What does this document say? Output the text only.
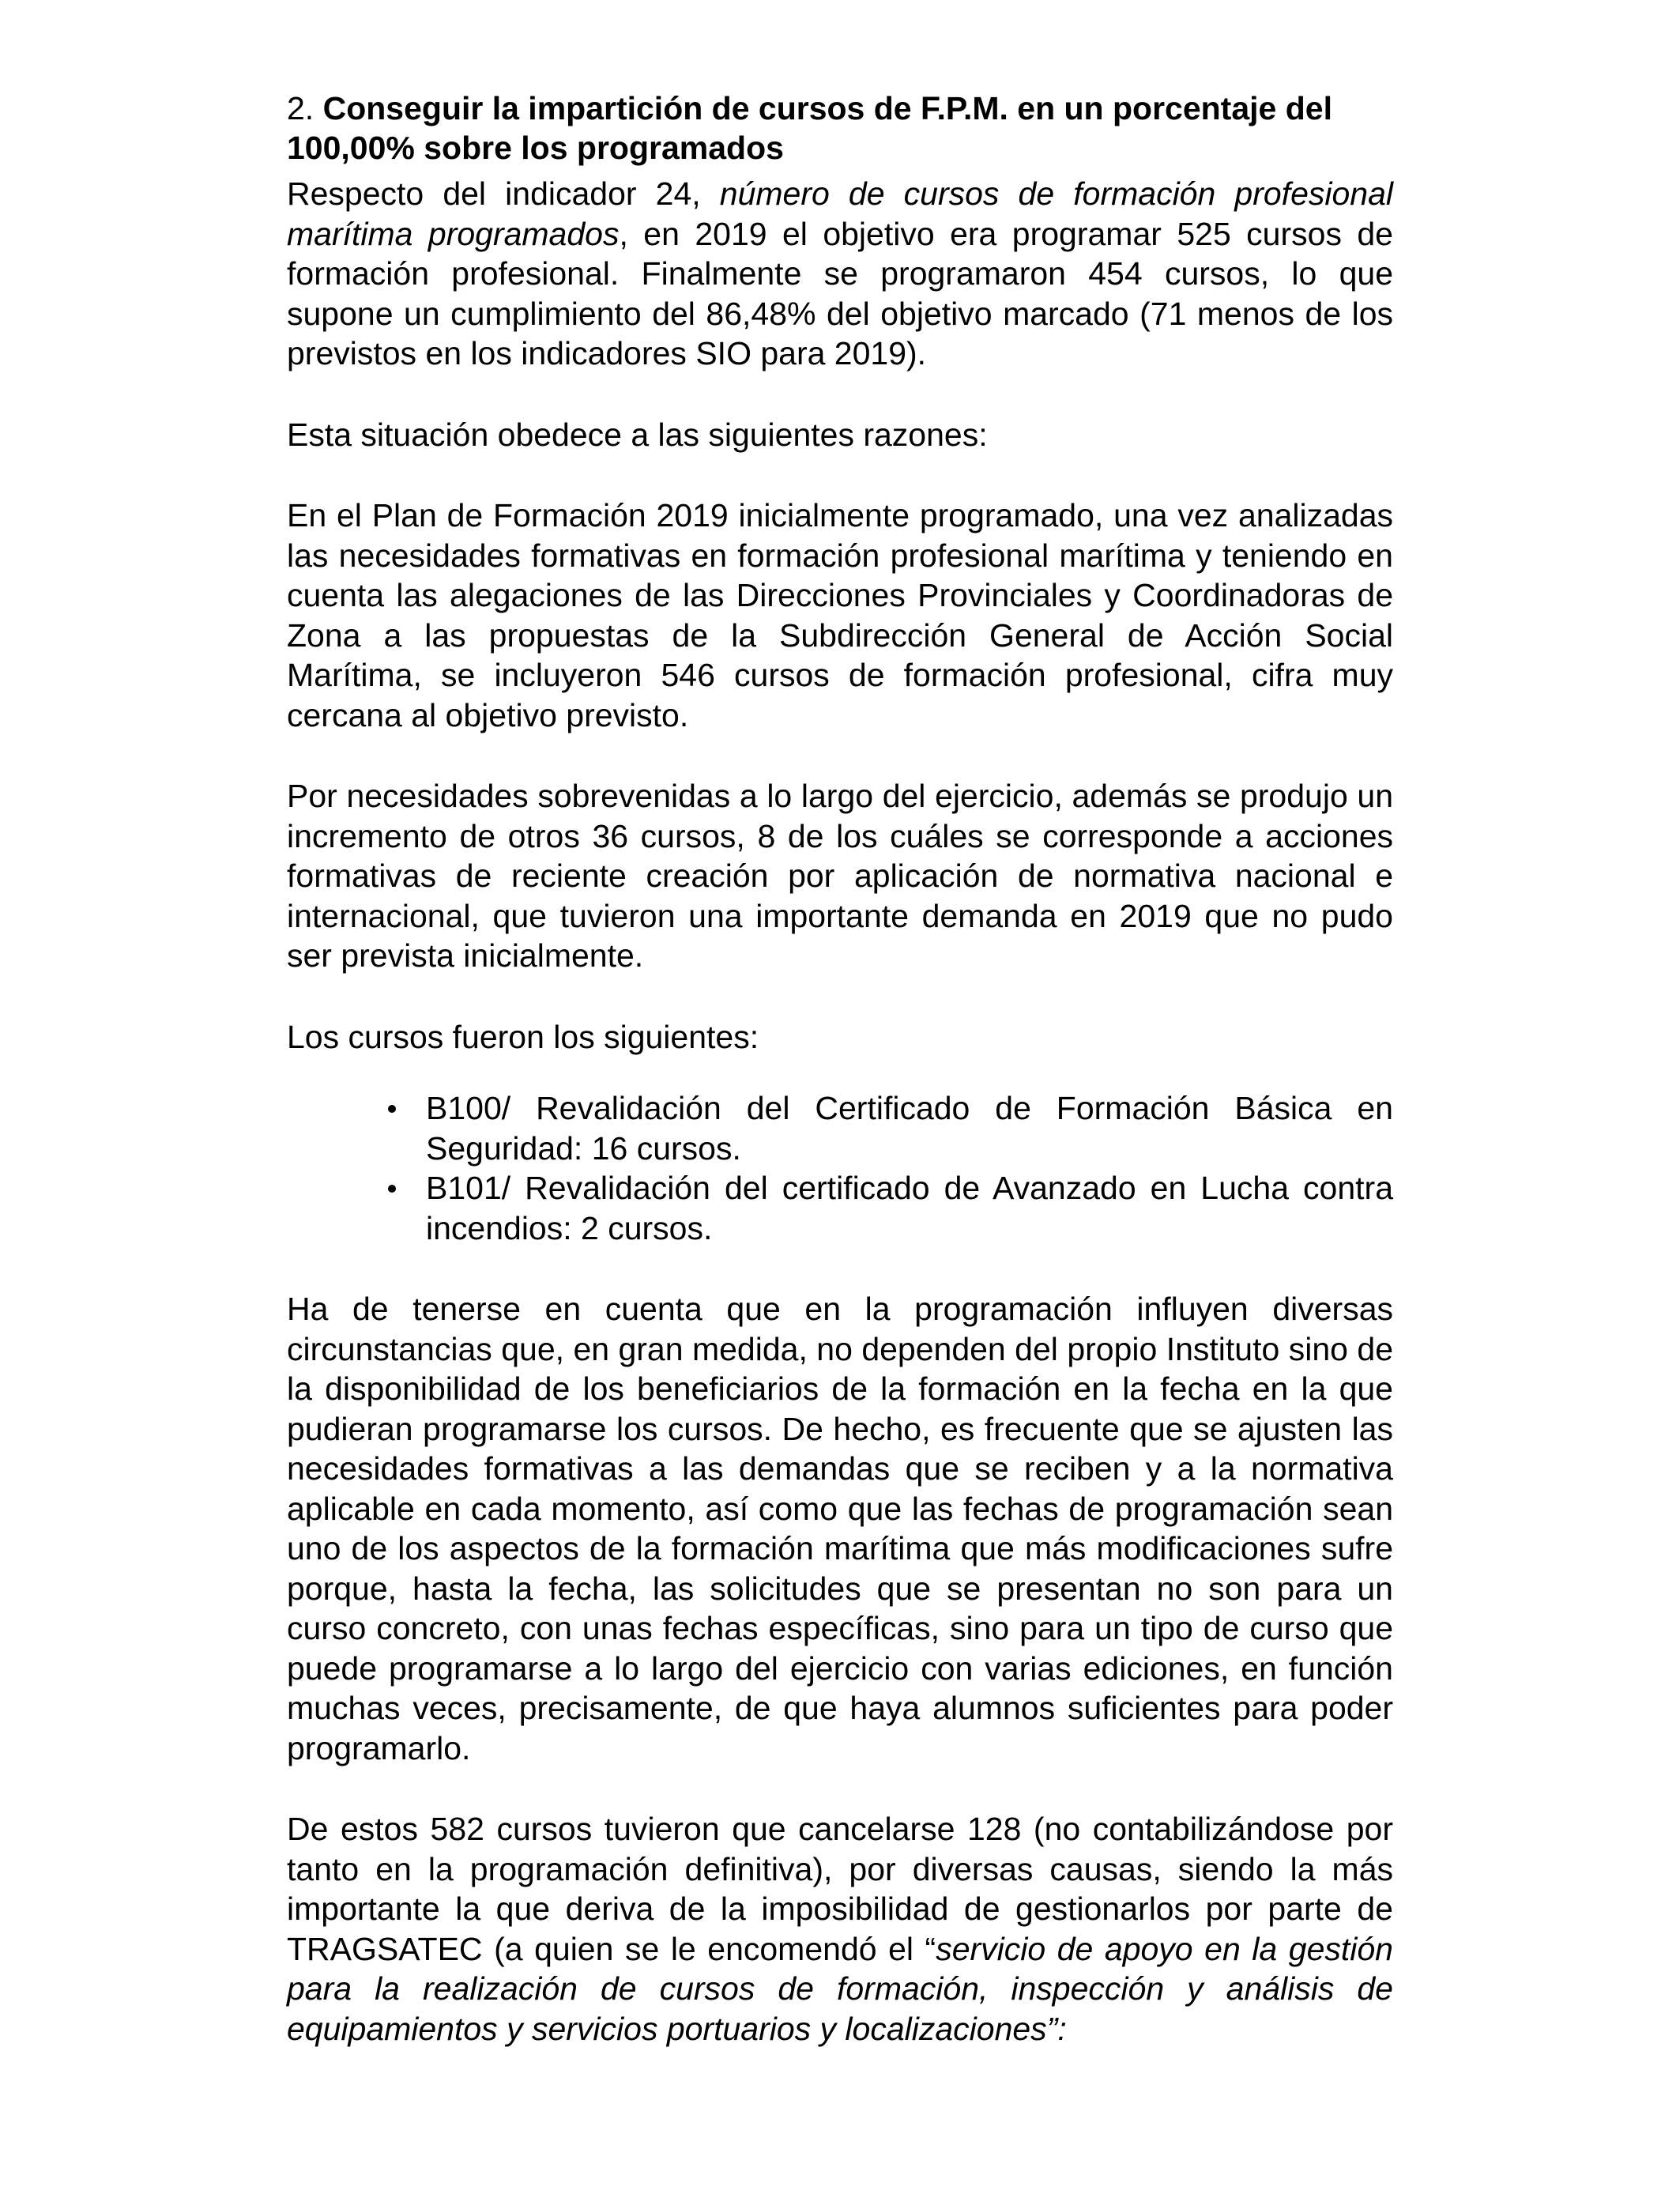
2. Conseguir la impartición de cursos de F.P.M. en un porcentaje del 100,00% sobre los programados

Respecto del indicador 24, número de cursos de formación profesional marítima programados, en 2019 el objetivo era programar 525 cursos de formación profesional. Finalmente se programaron 454 cursos, lo que supone un cumplimiento del 86,48% del objetivo marcado (71 menos de los previstos en los indicadores SIO para 2019).

Esta situación obedece a las siguientes razones:

En el Plan de Formación 2019 inicialmente programado, una vez analizadas las necesidades formativas en formación profesional marítima y teniendo en cuenta las alegaciones de las Direcciones Provinciales y Coordinadoras de Zona a las propuestas de la Subdirección General de Acción Social Marítima, se incluyeron 546 cursos de formación profesional, cifra muy cercana al objetivo previsto.

Por necesidades sobrevenidas a lo largo del ejercicio, además se produjo un incremento de otros 36 cursos, 8 de los cuáles se corresponde a acciones formativas de reciente creación por aplicación de normativa nacional e internacional, que tuvieron una importante demanda en 2019 que no pudo ser prevista inicialmente.

Los cursos fueron los siguientes:

B100/ Revalidación del Certificado de Formación Básica en Seguridad: 16 cursos.
B101/ Revalidación del certificado de Avanzado en Lucha contra incendios: 2 cursos.

Ha de tenerse en cuenta que en la programación influyen diversas circunstancias que, en gran medida, no dependen del propio Instituto sino de la disponibilidad de los beneficiarios de la formación en la fecha en la que pudieran programarse los cursos. De hecho, es frecuente que se ajusten las necesidades formativas a las demandas que se reciben y a la normativa aplicable en cada momento, así como que las fechas de programación sean uno de los aspectos de la formación marítima que más modificaciones sufre porque, hasta la fecha, las solicitudes que se presentan no son para un curso concreto, con unas fechas específicas, sino para un tipo de curso que puede programarse a lo largo del ejercicio con varias ediciones, en función muchas veces, precisamente, de que haya alumnos suficientes para poder programarlo.

De estos 582 cursos tuvieron que cancelarse 128 (no contabilizándose por tanto en la programación definitiva), por diversas causas, siendo la más importante la que deriva de la imposibilidad de gestionarlos por parte de TRAGSATEC (a quien se le encomendó el “servicio de apoyo en la gestión para la realización de cursos de formación, inspección y análisis de equipamientos y servicios portuarios y localizaciones”:
